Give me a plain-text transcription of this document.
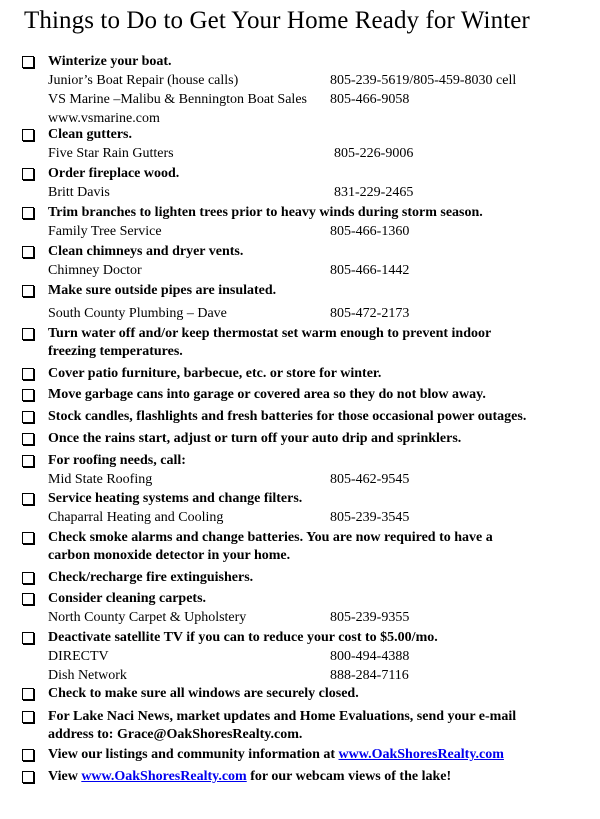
Things to Do to Get Your Home Ready for Winter
Winterize your boat.
Junior’s Boat Repair (house calls)	805-239-5619/805-459-8030 cell
VS Marine –Malibu & Bennington Boat Sales 805-466-9058
www.vsmarine.com
Clean gutters.
Five Star Rain Gutters	805-226-9006
Order fireplace wood.
Britt Davis	831-229-2465
Trim branches to lighten trees prior to heavy winds during storm season.
Family Tree Service	805-466-1360
Clean chimneys and dryer vents.
Chimney Doctor	805-466-1442
Make sure outside pipes are insulated.
South County Plumbing – Dave	805-472-2173
Turn water off and/or keep thermostat set warm enough to prevent indoor
freezing temperatures.
Cover patio furniture, barbecue, etc. or store for winter.
Move garbage cans into garage or covered area so they do not blow away.
Stock candles, flashlights and fresh batteries for those occasional power outages.
Once the rains start, adjust or turn off your auto drip and sprinklers.
For roofing needs, call:
Mid State Roofing	805-462-9545
Service heating systems and change filters.
Chaparral Heating and Cooling	805-239-3545
Check smoke alarms and change batteries. You are now required to have a
carbon monoxide detector in your home.
Check/recharge fire extinguishers.
Consider cleaning carpets.
North County Carpet & Upholstery	805-239-9355
Deactivate satellite TV if you can to reduce your cost to $5.00/mo.
DIRECTV	800-494-4388
Dish Network	888-284-7116
Check to make sure all windows are securely closed.
For Lake Naci News, market updates and Home Evaluations, send your e-mail
address to: Grace@OakShoresRealty.com.
View our listings and community information at www.OakShoresRealty.com
View www.OakShoresRealty.com for our webcam views of the lake!
